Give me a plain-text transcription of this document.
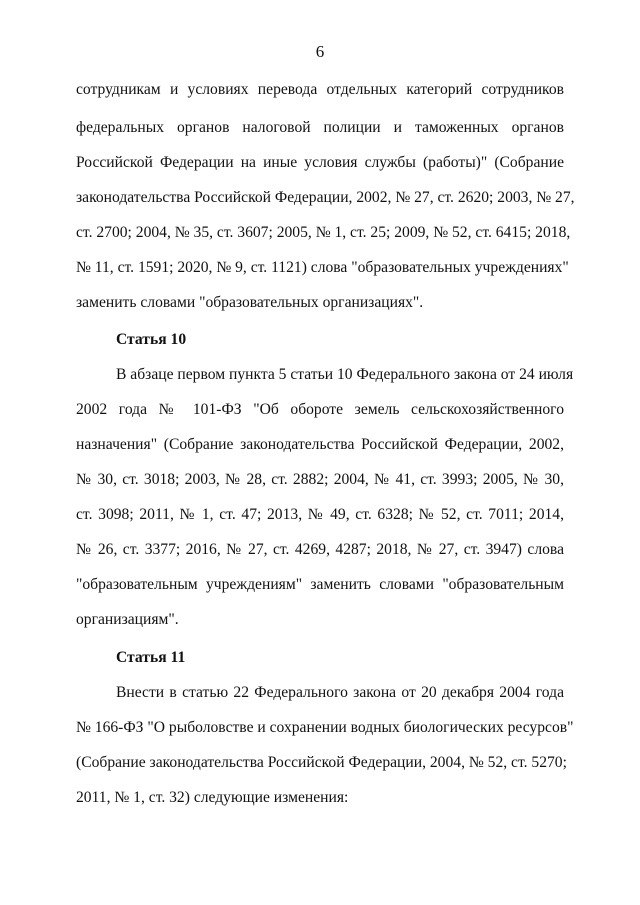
6
сотрудникам и условиях перевода отдельных категорий сотрудников
федеральных органов налоговой полиции и таможенных органов
Российской Федерации на иные условия службы (работы)" (Собрание
законодательства Российской Федерации, 2002, № 27, ст. 2620; 2003, № 27,
ст. 2700; 2004, № 35, ст. 3607; 2005, № 1, ст. 25; 2009, № 52, ст. 6415; 2018,
№ 11, ст. 1591; 2020, № 9, ст. 1121) слова "образовательных учреждениях"
заменить словами "образовательных организациях".
Статья 10
В абзаце первом пункта 5 статьи 10 Федерального закона от 24 июля
2002 года № 101-ФЗ "Об обороте земель сельскохозяйственного
назначения" (Собрание законодательства Российской Федерации, 2002,
№ 30, ст. 3018; 2003, № 28, ст. 2882; 2004, № 41, ст. 3993; 2005, № 30,
ст. 3098; 2011, № 1, ст. 47; 2013, № 49, ст. 6328; № 52, ст. 7011; 2014,
№ 26, ст. 3377; 2016, № 27, ст. 4269, 4287; 2018, № 27, ст. 3947) слова
"образовательным учреждениям" заменить словами "образовательным
организациям".
Статья 11
Внести в статью 22 Федерального закона от 20 декабря 2004 года
№ 166-ФЗ "О рыболовстве и сохранении водных биологических ресурсов"
(Собрание законодательства Российской Федерации, 2004, № 52, ст. 5270;
2011, № 1, ст. 32) следующие изменения:
